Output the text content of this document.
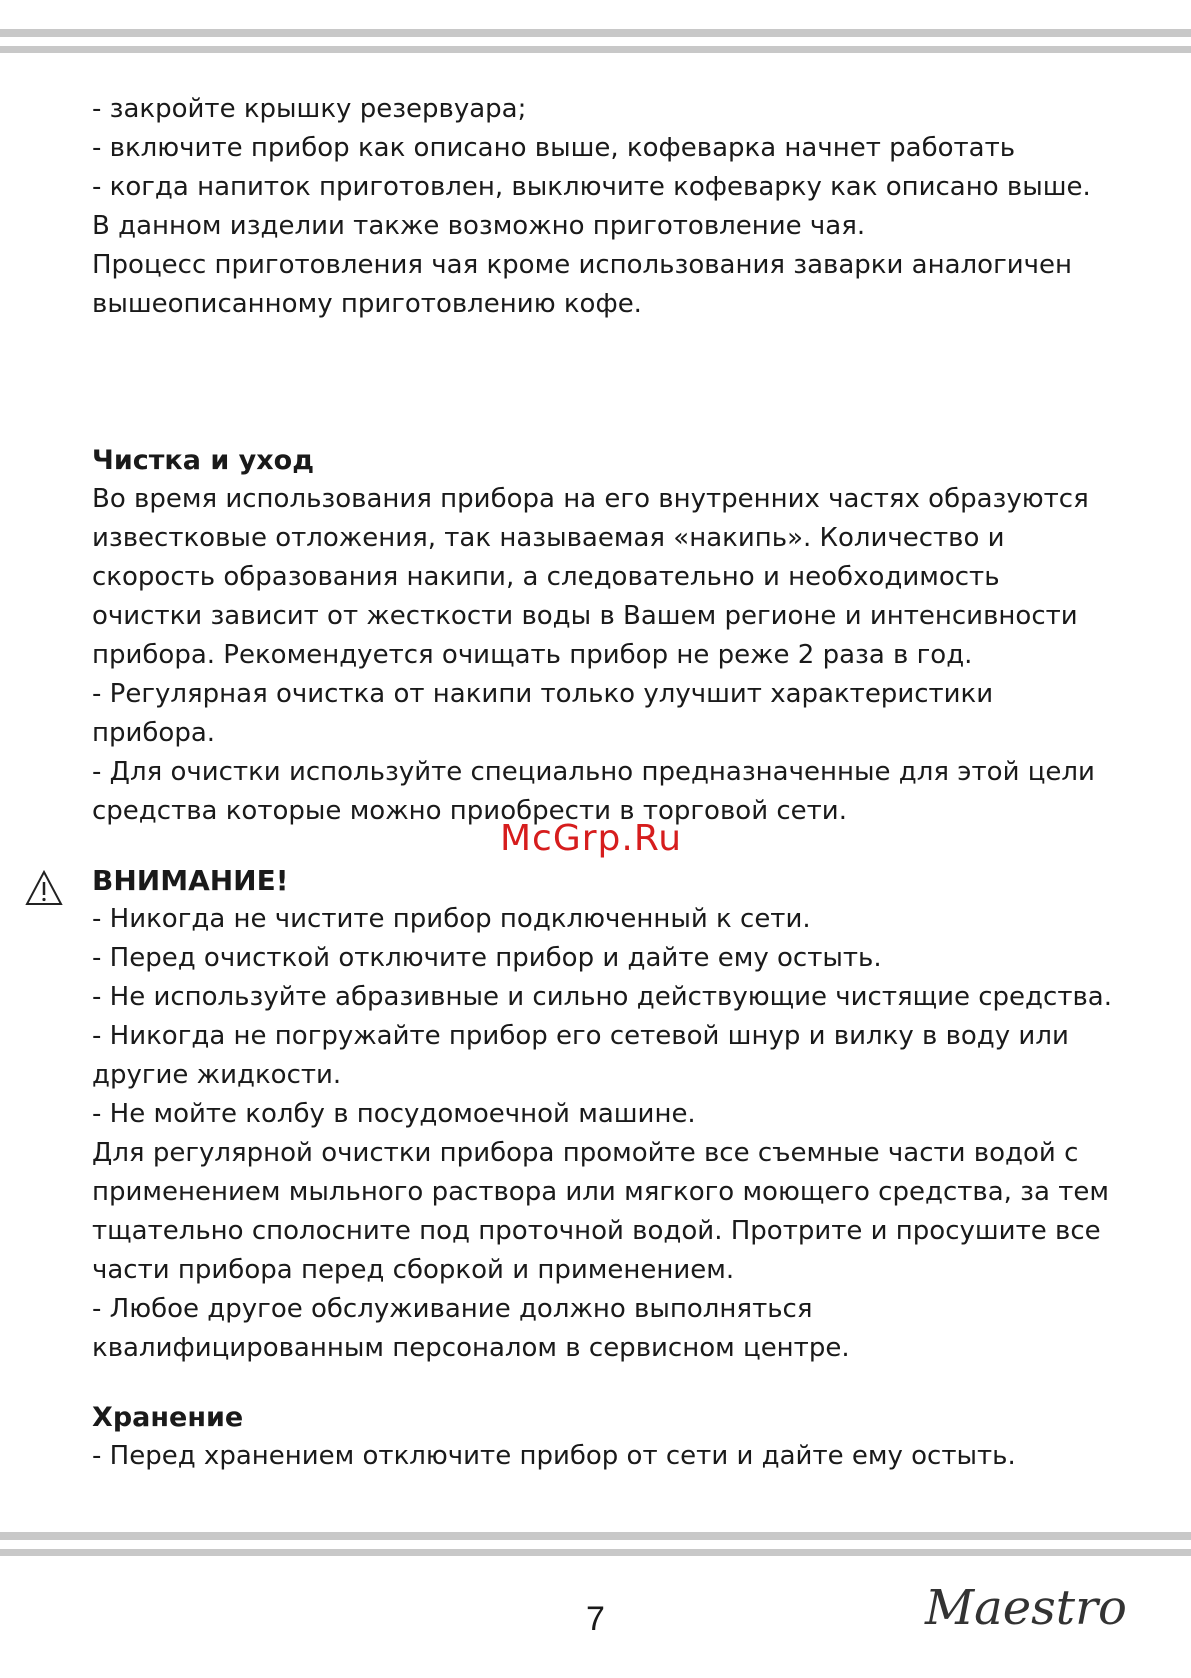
- закройте крышку резервуара;

- включите прибор как описано выше, кофеварка начнет работать

- когда напиток приготовлен, выключите кофеварку как описано выше.

В данном изделии также возможно приготовление чая.

Процесс приготовления чая кроме использования заварки аналогичен

вышеописанному приготовлению кофе.

Чистка и уход

Во время использования прибора на его внутренних частях образуются

известковые отложения, так называемая «накипь». Количество и

скорость образования накипи, а следовательно и необходимость

очистки зависит от жесткости воды в Вашем регионе и интенсивности

прибора. Рекомендуется очищать прибор не реже 2 раза в год.

- Регулярная очистка от накипи только улучшит характеристики

прибора.

- Для очистки используйте специально предназначенные для этой цели

средства которые можно приобрести в торговой сети.

ВНИМАНИЕ!

- Никогда не чистите прибор подключенный к сети.

- Перед очисткой отключите прибор и дайте ему остыть.

- Не используйте абразивные и сильно действующие чистящие средства.

- Никогда не погружайте прибор его сетевой шнур и вилку в воду или

другие жидкости.

- Не мойте колбу в посудомоечной машине.

Для регулярной очистки прибора промойте все съемные части водой с

применением мыльного раствора или мягкого моющего средства, за тем

тщательно сполосните под проточной водой. Протрите и просушите все

части прибора перед сборкой и применением.

- Любое другое обслуживание должно выполняться

квалифицированным персоналом в сервисном центре.

Хранение

- Перед хранением отключите прибор от сети и дайте ему остыть.

McGrp.Ru
7	Maestro
